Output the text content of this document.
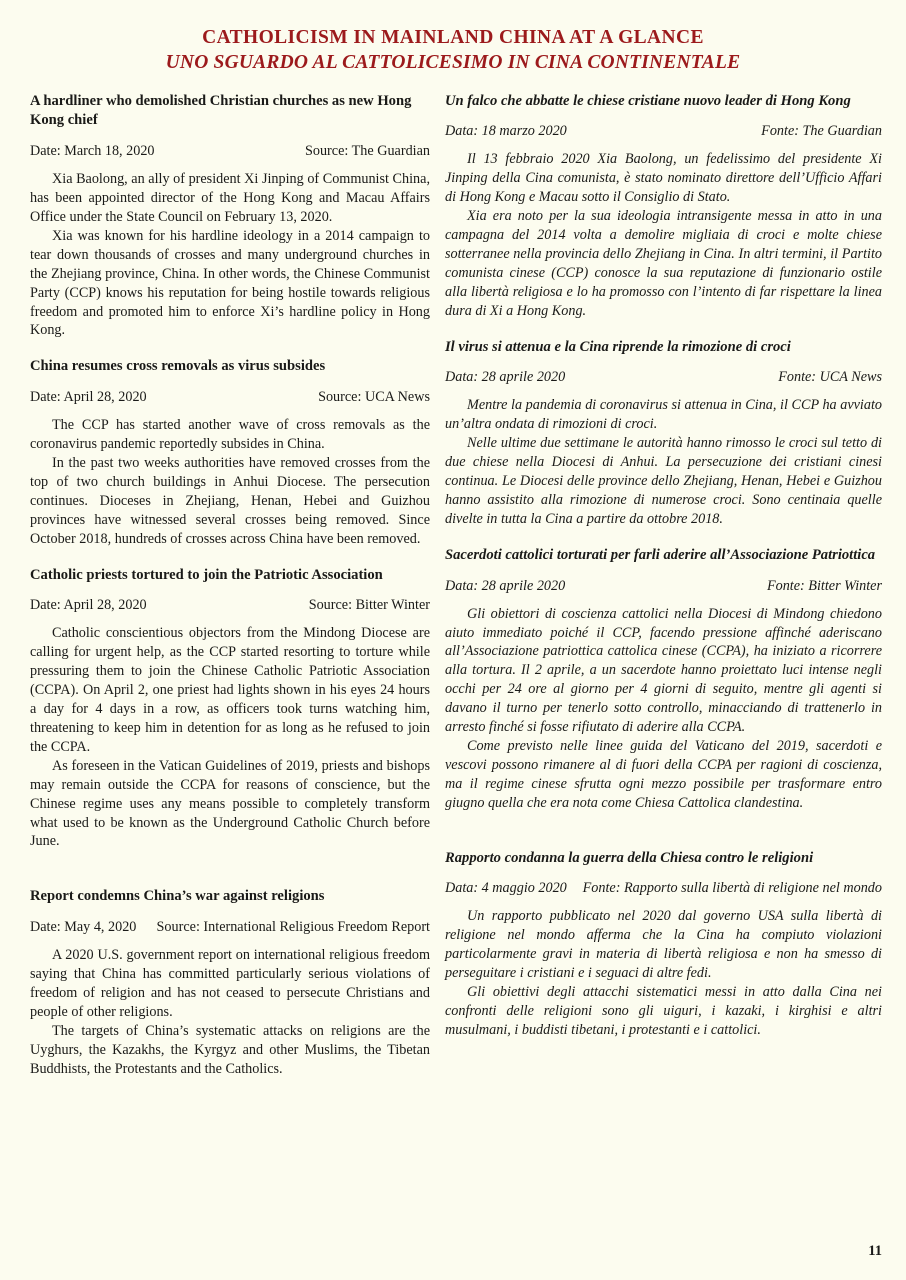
CATHOLICISM IN MAINLAND CHINA AT A GLANCE
UNO SGUARDO AL CATTOLICESIMO IN CINA CONTINENTALE
A hardliner who demolished Christian churches as new Hong Kong chief
Date: March 18, 2020	Source: The Guardian

Xia Baolong, an ally of president Xi Jinping of Communist China, has been appointed director of the Hong Kong and Macau Affairs Office under the State Council on February 13, 2020.

Xia was known for his hardline ideology in a 2014 campaign to tear down thousands of crosses and many underground churches in the Zhejiang province, China. In other words, the Chinese Communist Party (CCP) knows his reputation for being hostile towards religious freedom and promoted him to enforce Xi’s hardline policy in Hong Kong.

China resumes cross removals as virus subsides
Date: April 28, 2020	Source: UCA News

The CCP has started another wave of cross removals as the coronavirus pandemic reportedly subsides in China.

In the past two weeks authorities have removed crosses from the top of two church buildings in Anhui Diocese. The persecution continues. Dioceses in Zhejiang, Henan, Hebei and Guizhou provinces have witnessed several crosses being removed. Since October 2018, hundreds of crosses across China have been removed.

Catholic priests tortured to join the Patriotic Association
Date: April 28, 2020	Source: Bitter Winter

Catholic conscientious objectors from the Mindong Diocese are calling for urgent help, as the CCP started resorting to torture while pressuring them to join the Chinese Catholic Patriotic Association (CCPA). On April 2, one priest had lights shown in his eyes 24 hours a day for 4 days in a row, as officers took turns watching him, threatening to keep him in detention for as long as he refused to join the CCPA.

As foreseen in the Vatican Guidelines of 2019, priests and bishops may remain outside the CCPA for reasons of conscience, but the Chinese regime uses any means possible to completely transform what used to be known as the Underground Catholic Church before June.

Report condemns China’s war against religions
Date: May 4, 2020	Source: International Religious Freedom Report

A 2020 U.S. government report on international religious freedom saying that China has committed particularly serious violations of freedom of religion and has not ceased to persecute Christians and people of other religions.

The targets of China’s systematic attacks on religions are the Uyghurs, the Kazakhs, the Kyrgyz and other Muslims, the Tibetan Buddhists, the Protestants and the Catholics.

Un falco che abbatte le chiese cristiane nuovo leader di Hong Kong
Data: 18 marzo 2020	Fonte: The Guardian

Il 13 febbraio 2020 Xia Baolong, un fedelissimo del presidente Xi Jinping della Cina comunista, è stato nominato direttore dell’Ufficio Affari di Hong Kong e Macau sotto il Consiglio di Stato.

Xia era noto per la sua ideologia intransigente messa in atto in una campagna del 2014 volta a demolire migliaia di croci e molte chiese sotterranee nella provincia dello Zhejiang in Cina. In altri termini, il Partito comunista cinese (CCP) conosce la sua reputazione di funzionario ostile alla libertà religiosa e lo ha promosso con l’intento di far rispettare la linea dura di Xi a Hong Kong.

Il virus si attenua e la Cina riprende la rimozione di croci
Data: 28 aprile 2020	Fonte: UCA News

Mentre la pandemia di coronavirus si attenua in Cina, il CCP ha avviato un’altra ondata di rimozioni di croci.

Nelle ultime due settimane le autorità hanno rimosso le croci sul tetto di due chiese nella Diocesi di Anhui. La persecuzione dei cristiani cinesi continua. Le Diocesi delle province dello Zhejiang, Henan, Hebei e Guizhou hanno assistito alla rimozione di numerose croci. Sono centinaia quelle divelte in tutta la Cina a partire da ottobre 2018.

Sacerdoti cattolici torturati per farli aderire all’Associazione Patriottica
Data: 28 aprile 2020	Fonte: Bitter Winter

Gli obiettori di coscienza cattolici nella Diocesi di Mindong chiedono aiuto immediato poiché il CCP, facendo pressione affinché aderiscano all’Associazione patriottica cattolica cinese (CCPA), ha iniziato a ricorrere alla tortura. Il 2 aprile, a un sacerdote hanno proiettato luci intense negli occhi per 24 ore al giorno per 4 giorni di seguito, mentre gli agenti si davano il turno per tenerlo sotto controllo, minacciando di trattenerlo in arresto finché si fosse rifiutato di aderire alla CCPA.

Come previsto nelle linee guida del Vaticano del 2019, sacerdoti e vescovi possono rimanere al di fuori della CCPA per ragioni di coscienza, ma il regime cinese sfrutta ogni mezzo possibile per trasformare entro giugno quella che era nota come Chiesa Cattolica clandestina.

Rapporto condanna la guerra della Chiesa contro le religioni
Data: 4 maggio 2020	Fonte: Rapporto sulla libertà di religione nel mondo

Un rapporto pubblicato nel 2020 dal governo USA sulla libertà di religione nel mondo afferma che la Cina ha compiuto violazioni particolarmente gravi in materia di libertà religiosa e non ha smesso di perseguitare i cristiani e i seguaci di altre fedi.

Gli obiettivi degli attacchi sistematici messi in atto dalla Cina nei confronti delle religioni sono gli uiguri, i kazaki, i kirghisi e altri musulmani, i buddisti tibetani, i protestanti e i cattolici.

11
